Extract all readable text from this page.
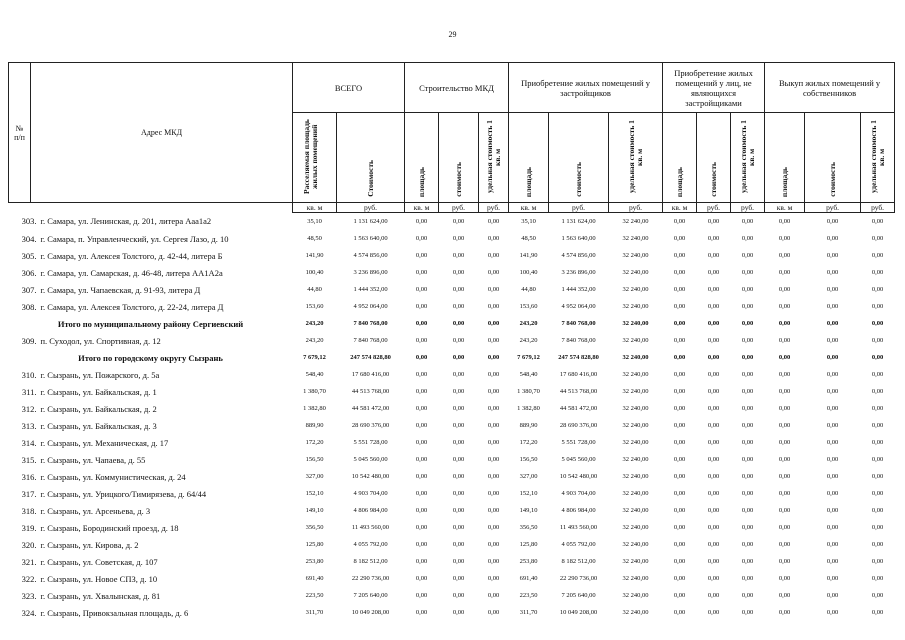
29
№
п/п	Адрес МКД	ВСЕГО		Строительство МКД			Приобретение жилых помещений у застройщиков			Приобретение жилых помещений у лиц, не являющихся застройщиками			Выкуп жилых помещений у собственников		
		Расселяемая площадь жилых помещений	Стоимость	площадь	стоимость	удельная стоимость 1 кв. м	площадь	стоимость	удельная стоимость 1 кв. м	площадь	стоимость	удельная стоимость 1 кв. м	площадь	стоимость	удельная стоимость 1 кв. м
		кв. м	руб.	кв. м	руб.	руб.	кв. м	руб.	руб.	кв. м	руб.	руб.	кв. м	руб.	руб.
303. г. Самара, ул. Ленинская, д. 201, литера Ааа1а2		35,10	1 131 624,00	0,00	0,00	0,00	35,10	1 131 624,00	32 240,00	0,00	0,00	0,00	0,00	0,00	0,00
304. г. Самара, п. Управленческий, ул. Сергея Лазо, д. 10		48,50	1 563 640,00	0,00	0,00	0,00	48,50	1 563 640,00	32 240,00	0,00	0,00	0,00	0,00	0,00	0,00
305. г. Самара, ул. Алексея Толстого, д. 42-44, литера Б		141,90	4 574 856,00	0,00	0,00	0,00	141,90	4 574 856,00	32 240,00	0,00	0,00	0,00	0,00	0,00	0,00
306. г. Самара, ул. Самарская, д. 46-48, литера АА1А2а		100,40	3 236 896,00	0,00	0,00	0,00	100,40	3 236 896,00	32 240,00	0,00	0,00	0,00	0,00	0,00	0,00
307. г. Самара, ул. Чапаевская, д. 91-93, литера Д		44,80	1 444 352,00	0,00	0,00	0,00	44,80	1 444 352,00	32 240,00	0,00	0,00	0,00	0,00	0,00	0,00
308. г. Самара, ул. Алексея Толстого, д. 22-24, литера Д		153,60	4 952 064,00	0,00	0,00	0,00	153,60	4 952 064,00	32 240,00	0,00	0,00	0,00	0,00	0,00	0,00
Итого по муниципальному району Сергиевский		243,20	7 840 768,00	0,00	0,00	0,00	243,20	7 840 768,00	32 240,00	0,00	0,00	0,00	0,00	0,00	0,00
309. п. Суходол, ул. Спортивная, д. 12		243,20	7 840 768,00	0,00	0,00	0,00	243,20	7 840 768,00	32 240,00	0,00	0,00	0,00	0,00	0,00	0,00
Итого по городскому округу Сызрань		7 679,12	247 574 828,80	0,00	0,00	0,00	7 679,12	247 574 828,80	32 240,00	0,00	0,00	0,00	0,00	0,00	0,00
310. г. Сызрань, ул. Пожарского, д. 5а		548,40	17 680 416,00	0,00	0,00	0,00	548,40	17 680 416,00	32 240,00	0,00	0,00	0,00	0,00	0,00	0,00
311. г. Сызрань, ул. Байкальская, д. 1		1 380,70	44 513 768,00	0,00	0,00	0,00	1 380,70	44 513 768,00	32 240,00	0,00	0,00	0,00	0,00	0,00	0,00
312. г. Сызрань, ул. Байкальская, д. 2		1 382,80	44 581 472,00	0,00	0,00	0,00	1 382,80	44 581 472,00	32 240,00	0,00	0,00	0,00	0,00	0,00	0,00
313. г. Сызрань, ул. Байкальская, д. 3		889,90	28 690 376,00	0,00	0,00	0,00	889,90	28 690 376,00	32 240,00	0,00	0,00	0,00	0,00	0,00	0,00
314. г. Сызрань, ул. Механическая, д. 17		172,20	5 551 728,00	0,00	0,00	0,00	172,20	5 551 728,00	32 240,00	0,00	0,00	0,00	0,00	0,00	0,00
315. г. Сызрань, ул. Чапаева, д. 55		156,50	5 045 560,00	0,00	0,00	0,00	156,50	5 045 560,00	32 240,00	0,00	0,00	0,00	0,00	0,00	0,00
316. г. Сызрань, ул. Коммунистическая, д. 24		327,00	10 542 480,00	0,00	0,00	0,00	327,00	10 542 480,00	32 240,00	0,00	0,00	0,00	0,00	0,00	0,00
317. г. Сызрань, ул. Урицкого/Тимирязева, д. 64/44		152,10	4 903 704,00	0,00	0,00	0,00	152,10	4 903 704,00	32 240,00	0,00	0,00	0,00	0,00	0,00	0,00
318. г. Сызрань, ул. Арсеньева, д. 3		149,10	4 806 984,00	0,00	0,00	0,00	149,10	4 806 984,00	32 240,00	0,00	0,00	0,00	0,00	0,00	0,00
319. г. Сызрань, Бородинский проезд, д. 18		356,50	11 493 560,00	0,00	0,00	0,00	356,50	11 493 560,00	32 240,00	0,00	0,00	0,00	0,00	0,00	0,00
320. г. Сызрань, ул. Кирова, д. 2		125,80	4 055 792,00	0,00	0,00	0,00	125,80	4 055 792,00	32 240,00	0,00	0,00	0,00	0,00	0,00	0,00
321. г. Сызрань, ул. Советская, д. 107		253,80	8 182 512,00	0,00	0,00	0,00	253,80	8 182 512,00	32 240,00	0,00	0,00	0,00	0,00	0,00	0,00
322. г. Сызрань, ул. Новое СПЗ, д. 10		691,40	22 290 736,00	0,00	0,00	0,00	691,40	22 290 736,00	32 240,00	0,00	0,00	0,00	0,00	0,00	0,00
323. г. Сызрань, ул. Хвалынская, д. 81		223,50	7 205 640,00	0,00	0,00	0,00	223,50	7 205 640,00	32 240,00	0,00	0,00	0,00	0,00	0,00	0,00
324. г. Сызрань, Привокзальная площадь, д. 6		311,70	10 049 208,00	0,00	0,00	0,00	311,70	10 049 208,00	32 240,00	0,00	0,00	0,00	0,00	0,00	0,00
